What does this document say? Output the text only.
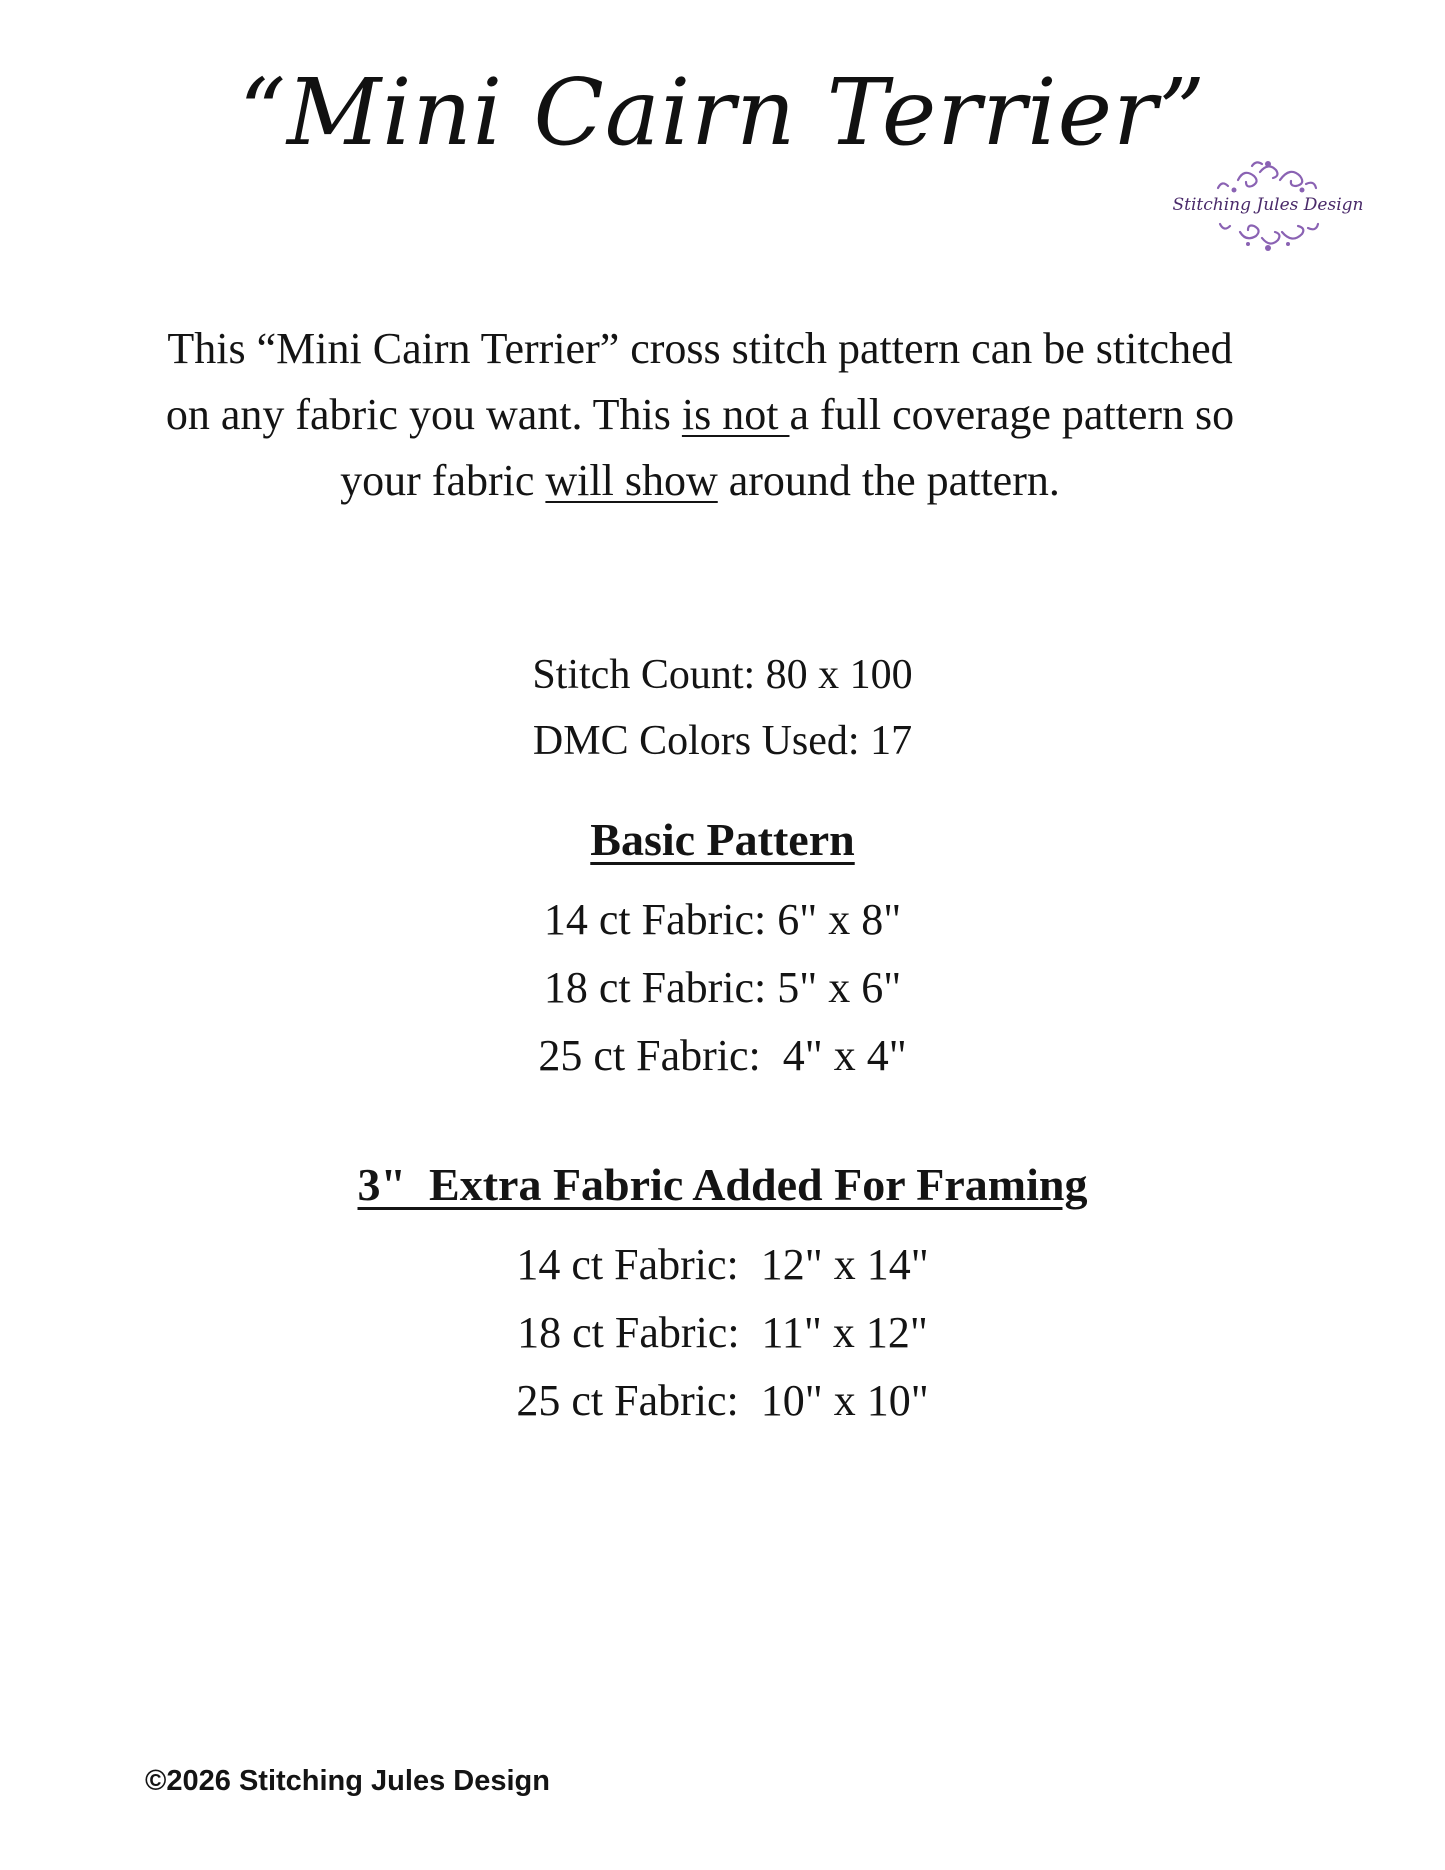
“Mini Cairn Terrier”
Stitching Jules Design
This “Mini Cairn Terrier” cross stitch pattern can be stitched on any fabric you want. This is not a full coverage pattern so your fabric will show around the pattern.
Stitch Count: 80 x 100
DMC Colors Used: 17
Basic Pattern
14 ct Fabric: 6" x 8"
18 ct Fabric: 5" x 6"
25 ct Fabric:  4" x 4"
3"  Extra Fabric Added For Framing
14 ct Fabric:  12" x 14"
18 ct Fabric:  11" x 12"
25 ct Fabric:  10" x 10"
©2026 Stitching Jules Design
